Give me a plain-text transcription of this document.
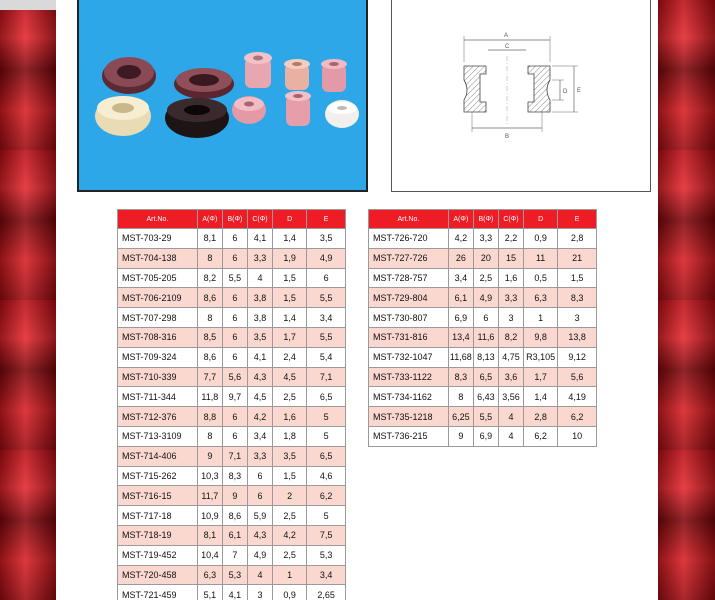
A
C
B
D E
Art.No.	A(Φ)	B(Φ)	C(Φ)	D	E
MST-703-29	8,1	6	4,1	1,4	3,5
MST-704-138	8	6	3,3	1,9	4,9
MST-705-205	8,2	5,5	4	1,5	6
MST-706-2109	8,6	6	3,8	1,5	5,5
MST-707-298	8	6	3,8	1,4	3,4
MST-708-316	8,5	6	3,5	1,7	5,5
MST-709-324	8,6	6	4,1	2,4	5,4
MST-710-339	7,7	5,6	4,3	4,5	7,1
MST-711-344	11,8	9,7	4,5	2,5	6,5
MST-712-376	8,8	6	4,2	1,6	5
MST-713-3109	8	6	3,4	1,8	5
MST-714-406	9	7,1	3,3	3,5	6,5
MST-715-262	10,3	8,3	6	1,5	4,6
MST-716-15	11,7	9	6	2	6,2
MST-717-18	10,9	8,6	5,9	2,5	5
MST-718-19	8,1	6,1	4,3	4,2	7,5
MST-719-452	10,4	7	4,9	2,5	5,3
MST-720-458	6,3	5,3	4	1	3,4
MST-721-459	5,1	4,1	3	0,9	2,65
Art.No.	A(Φ)	B(Φ)	C(Φ)	D	E
MST-726-720	4,2	3,3	2,2	0,9	2,8
MST-727-726	26	20	15	11	21
MST-728-757	3,4	2,5	1,6	0,5	1,5
MST-729-804	6,1	4,9	3,3	6,3	8,3
MST-730-807	6,9	6	3	1	3
MST-731-816	13,4	11,6	8,2	9,8	13,8
MST-732-1047	11,68	8,13	4,75	R3,105	9,12
MST-733-1122	8,3	6,5	3,6	1,7	5,6
MST-734-1162	8	6,43	3,56	1,4	4,19
MST-735-1218	6,25	5,5	4	2,8	6,2
MST-736-215	9	6,9	4	6,2	10
